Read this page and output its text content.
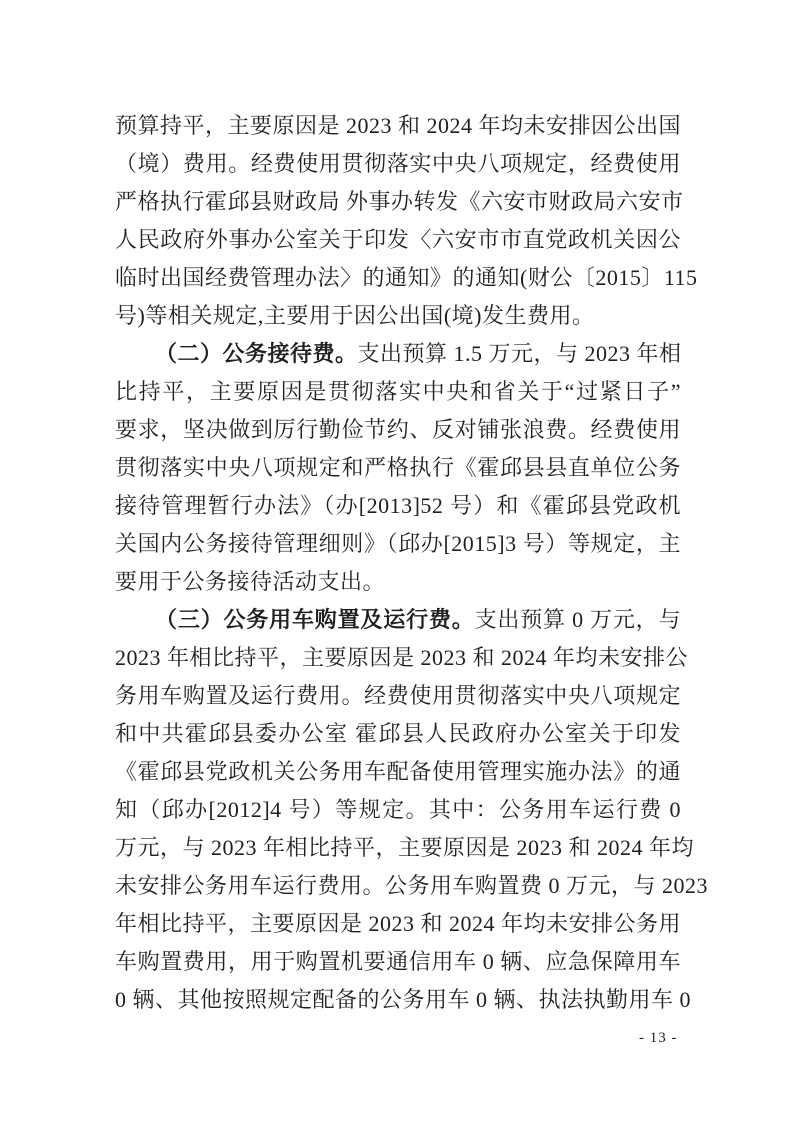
预算持平，主要原因是 2023 和 2024 年均未安排因公出国
（境）费用。经费使用贯彻落实中央八项规定，经费使用
严格执行霍邱县财政局 外事办转发《六安市财政局六安市
人民政府外事办公室关于印发〈六安市市直党政机关因公
临时出国经费管理办法〉的通知》的通知(财公〔2015〕115
号)等相关规定,主要用于因公出国(境)发生费用。
（二）公务接待费。支出预算 1.5 万元，与 2023 年相
比持平，主要原因是贯彻落实中央和省关于“过紧日子”
要求，坚决做到厉行勤俭节约、反对铺张浪费。经费使用
贯彻落实中央八项规定和严格执行《霍邱县县直单位公务
接待管理暂行办法》（办[2013]52 号）和《霍邱县党政机
关国内公务接待管理细则》（邱办[2015]3 号）等规定，主
要用于公务接待活动支出。
（三）公务用车购置及运行费。支出预算 0 万元，与
2023 年相比持平，主要原因是 2023 和 2024 年均未安排公
务用车购置及运行费用。经费使用贯彻落实中央八项规定
和中共霍邱县委办公室 霍邱县人民政府办公室关于印发
《霍邱县党政机关公务用车配备使用管理实施办法》的通
知（邱办[2012]4 号）等规定。其中：公务用车运行费 0
万元，与 2023 年相比持平，主要原因是 2023 和 2024 年均
未安排公务用车运行费用。公务用车购置费 0 万元，与 2023
年相比持平，主要原因是 2023 和 2024 年均未安排公务用
车购置费用，用于购置机要通信用车 0 辆、应急保障用车
0 辆、其他按照规定配备的公务用车 0 辆、执法执勤用车 0
- 13 -
